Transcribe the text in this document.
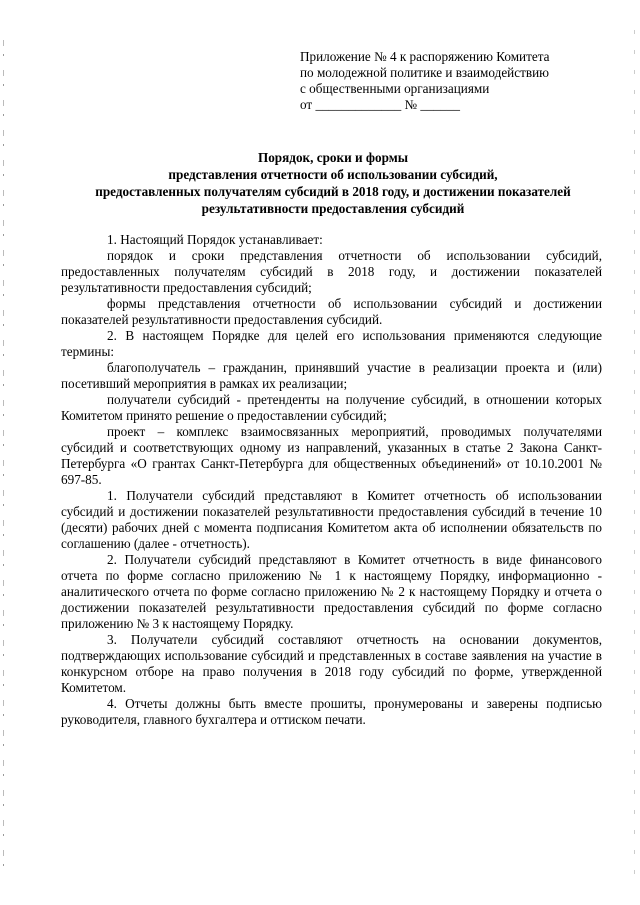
Приложение № 4 к распоряжению Комитета
по молодежной политике и взаимодействию
с общественными организациями
от _____________ № ______
Порядок, сроки и формы
представления отчетности об использовании субсидий,
предоставленных получателям субсидий в 2018 году, и достижении показателей
результативности предоставления субсидий

1. Настоящий Порядок устанавливает:

порядок и сроки представления отчетности об использовании субсидий, предоставленных получателям субсидий в 2018 году, и достижении показателей результативности предоставления субсидий;

формы представления отчетности об использовании субсидий и достижении показателей результативности предоставления субсидий.

2. В настоящем Порядке для целей его использования применяются следующие термины:

благополучатель – гражданин, принявший участие в реализации проекта и (или) посетивший мероприятия в рамках их реализации;

получатели субсидий - претенденты на получение субсидий, в отношении которых Комитетом принято решение о предоставлении субсидий;

проект – комплекс взаимосвязанных мероприятий, проводимых получателями субсидий и соответствующих одному из направлений, указанных в статье 2 Закона Санкт-Петербурга «О грантах Санкт-Петербурга для общественных объединений» от 10.10.2001 № 697-85.

1. Получатели субсидий представляют в Комитет отчетность об использовании субсидий и достижении показателей результативности предоставления субсидий в течение 10 (десяти) рабочих дней с момента подписания Комитетом акта об исполнении обязательств по соглашению (далее - отчетность).

2. Получатели субсидий представляют в Комитет отчетность в виде финансового отчета по форме согласно приложению № 1 к настоящему Порядку, информационно - аналитического отчета по форме согласно приложению № 2 к настоящему Порядку и отчета о достижении показателей результативности предоставления субсидий по форме согласно приложению № 3 к настоящему Порядку.

3. Получатели субсидий составляют отчетность на основании документов, подтверждающих использование субсидий и представленных в составе заявления на участие в конкурсном отборе на право получения в 2018 году субсидий по форме, утвержденной Комитетом.

4. Отчеты должны быть вместе прошиты, пронумерованы и заверены подписью руководителя, главного бухгалтера и оттиском печати.
